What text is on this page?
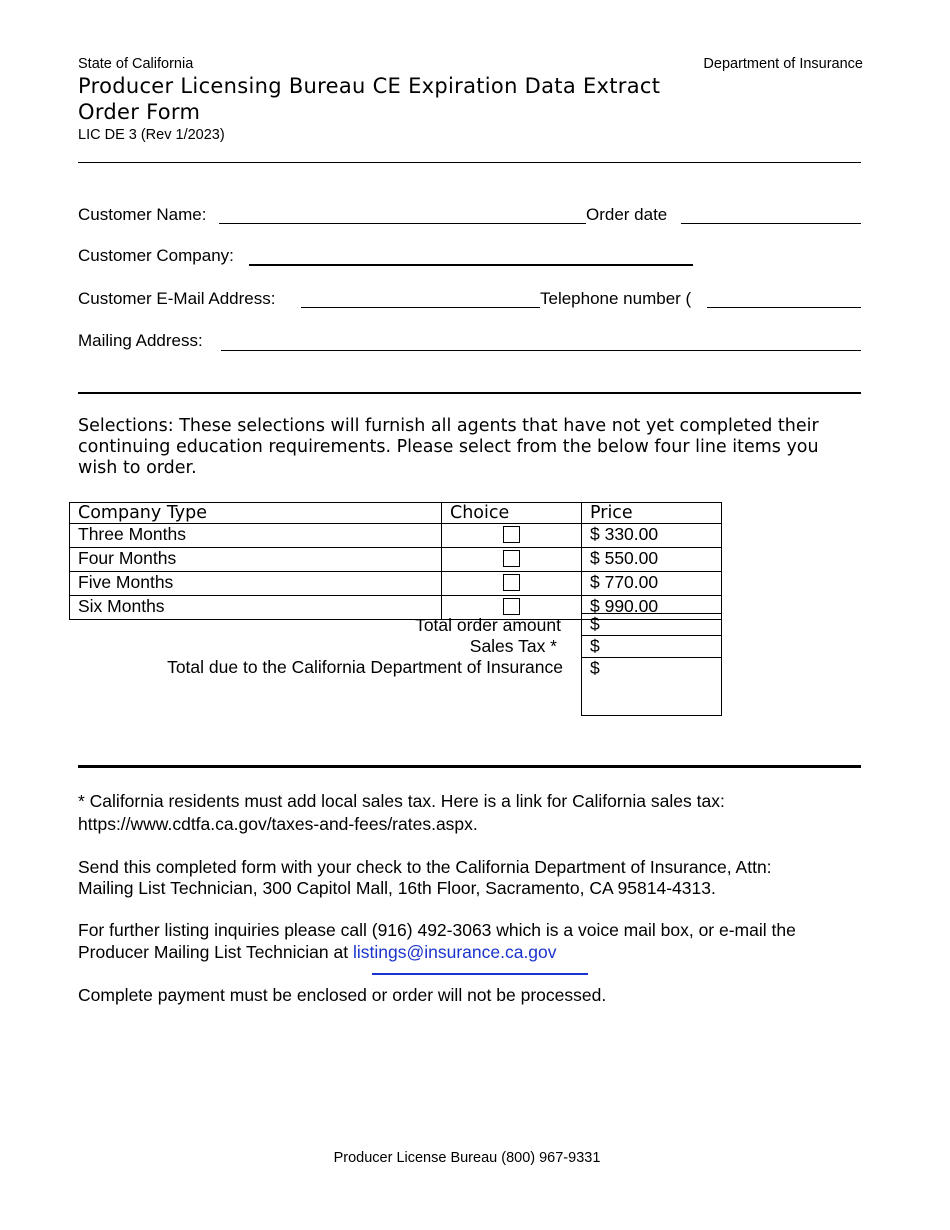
State of California	Department of Insurance
Producer Licensing Bureau CE Expiration Data Extract
Order Form
LIC DE 3 (Rev 1/2023)
Customer Name:	Order date
Customer Company:
Customer E-Mail Address:	Telephone number (
Mailing Address:
Selections: These selections will furnish all agents that have not yet completed their continuing education requirements. Please select from the below four line items you wish to order.
Company Type	Choice	Price
Three Months		$ 330.00
Four Months		$ 550.00
Five Months		$ 770.00
Six Months		$ 990.00
Total order amount	$
Sales Tax *	$
Total due to the California Department of Insurance	$
* California residents must add local sales tax. Here is a link for California sales tax:
https://www.cdtfa.ca.gov/taxes-and-fees/rates.aspx.
Send this completed form with your check to the California Department of Insurance, Attn:
Mailing List Technician, 300 Capitol Mall, 16th Floor, Sacramento, CA 95814-4313.
For further listing inquiries please call (916) 492-3063 which is a voice mail box, or e-mail the
Producer Mailing List Technician at listings@insurance.ca.gov
Complete payment must be enclosed or order will not be processed.
Producer License Bureau (800) 967-9331
